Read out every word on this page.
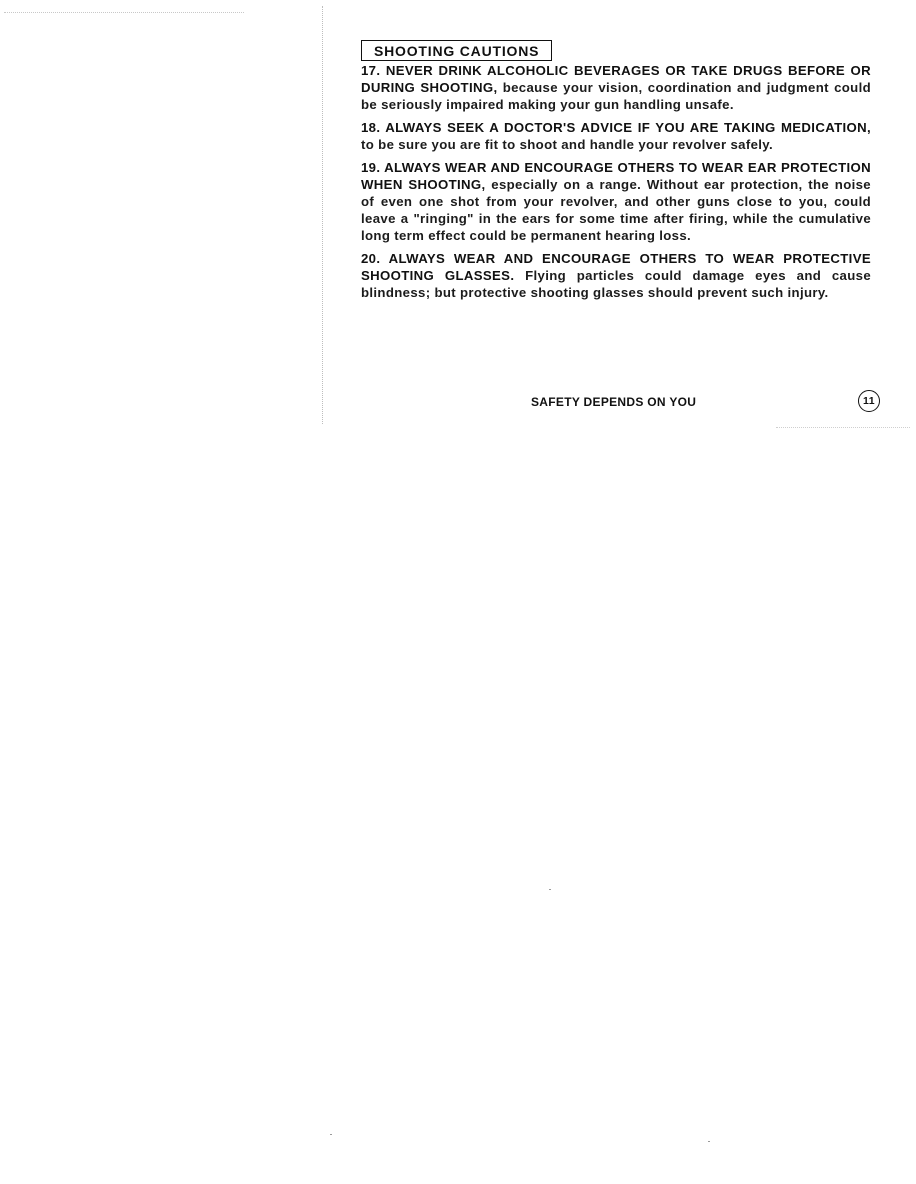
SHOOTING CAUTIONS

17. NEVER DRINK ALCOHOLIC BEVERAGES OR TAKE DRUGS BEFORE OR DURING SHOOTING, because your vision, coordination and judgment could be seriously impaired making your gun handling unsafe.

18. ALWAYS SEEK A DOCTOR'S ADVICE IF YOU ARE TAKING MEDICATION, to be sure you are fit to shoot and handle your revolver safely.

19. ALWAYS WEAR AND ENCOURAGE OTHERS TO WEAR EAR PROTECTION WHEN SHOOTING, especially on a range. Without ear protection, the noise of even one shot from your revolver, and other guns close to you, could leave a "ringing" in the ears for some time after firing, while the cumulative long term effect could be permanent hearing loss.

20. ALWAYS WEAR AND ENCOURAGE OTHERS TO WEAR PROTECTIVE SHOOTING GLASSES. Flying particles could damage eyes and cause blindness; but protective shooting glasses should prevent such injury.

SAFETY DEPENDS ON YOU	11
